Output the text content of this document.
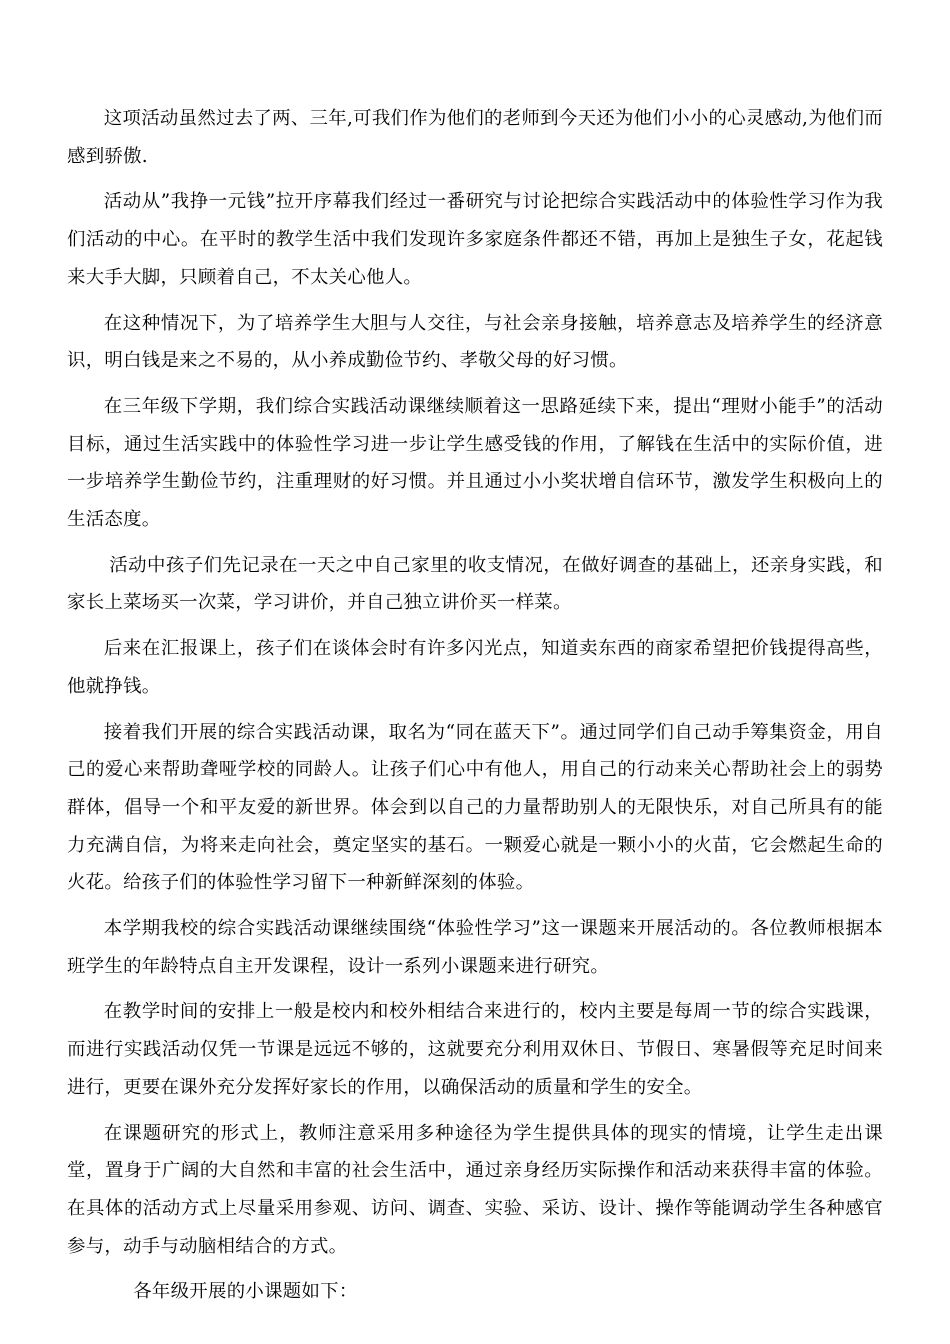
这项活动虽然过去了两、三年,可我们作为他们的老师到今天还为他们小小的心灵感动,为他们而感到骄傲.

活动从”我挣一元钱”拉开序幕我们经过一番研究与讨论把综合实践活动中的体验性学习作为我们活动的中心。在平时的教学生活中我们发现许多家庭条件都还不错，再加上是独生子女，花起钱来大手大脚，只顾着自己，不太关心他人。

在这种情况下，为了培养学生大胆与人交往，与社会亲身接触，培养意志及培养学生的经济意识，明白钱是来之不易的，从小养成勤俭节约、孝敬父母的好习惯。

在三年级下学期，我们综合实践活动课继续顺着这一思路延续下来，提出“理财小能手”的活动目标，通过生活实践中的体验性学习进一步让学生感受钱的作用，了解钱在生活中的实际价值，进一步培养学生勤俭节约，注重理财的好习惯。并且通过小小奖状增自信环节，激发学生积极向上的生活态度。

活动中孩子们先记录在一天之中自己家里的收支情况，在做好调查的基础上，还亲身实践，和家长上菜场买一次菜，学习讲价，并自己独立讲价买一样菜。

后来在汇报课上，孩子们在谈体会时有许多闪光点，知道卖东西的商家希望把价钱提得高些，他就挣钱。

接着我们开展的综合实践活动课，取名为“同在蓝天下”。通过同学们自己动手筹集资金，用自己的爱心来帮助聋哑学校的同龄人。让孩子们心中有他人，用自己的行动来关心帮助社会上的弱势群体，倡导一个和平友爱的新世界。体会到以自己的力量帮助别人的无限快乐，对自己所具有的能力充满自信，为将来走向社会，奠定坚实的基石。一颗爱心就是一颗小小的火苗，它会燃起生命的火花。给孩子们的体验性学习留下一种新鲜深刻的体验。

本学期我校的综合实践活动课继续围绕“体验性学习”这一课题来开展活动的。各位教师根据本班学生的年龄特点自主开发课程，设计一系列小课题来进行研究。

在教学时间的安排上一般是校内和校外相结合来进行的，校内主要是每周一节的综合实践课，而进行实践活动仅凭一节课是远远不够的，这就要充分利用双休日、节假日、寒暑假等充足时间来进行，更要在课外充分发挥好家长的作用，以确保活动的质量和学生的安全。

在课题研究的形式上，教师注意采用多种途径为学生提供具体的现实的情境，让学生走出课堂，置身于广阔的大自然和丰富的社会生活中，通过亲身经历实际操作和活动来获得丰富的体验。在具体的活动方式上尽量采用参观、访问、调查、实验、采访、设计、操作等能调动学生各种感官参与，动手与动脑相结合的方式。

各年级开展的小课题如下：
